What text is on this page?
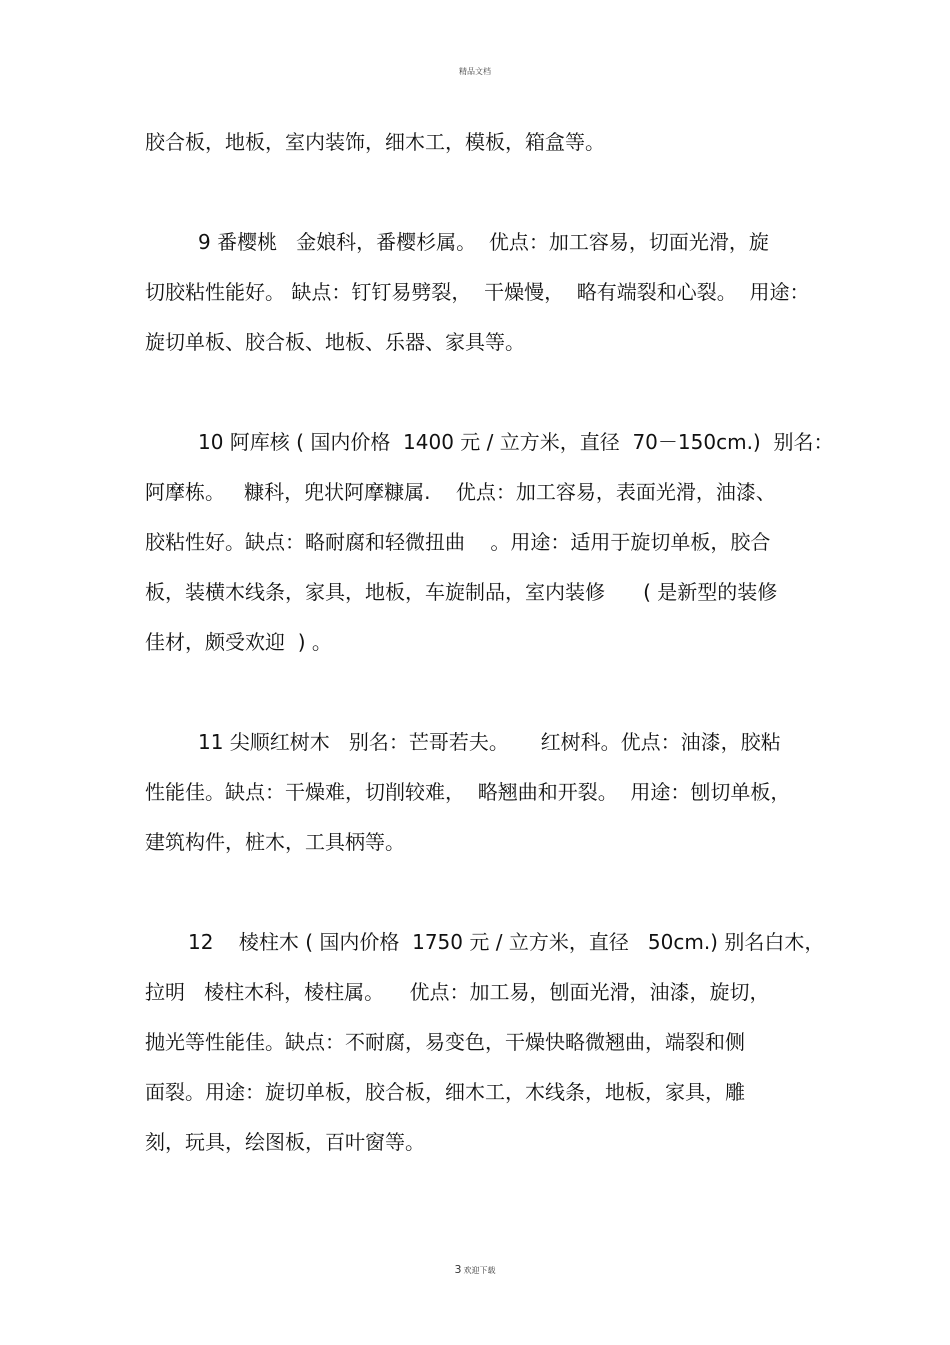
精品文档
胶合板，地板，室内装饰，细木工，模板，箱盒等。
9 番樱桃   金娘科，番樱杉属。  优点：加工容易，切面光滑，旋
切胶粘性能好。 缺点：钉钉易劈裂，  干燥慢，  略有端裂和心裂。  用途：
旋切单板、胶合板、地板、乐器、家具等。
10 阿库核 ( 国内价格  1400 元 / 立方米，直径  70－150cm.)  别名：
阿摩栋。   糠科，兜状阿摩糠属.    优点：加工容易，表面光滑，油漆、
胶粘性好。缺点：略耐腐和轻微扭曲    。用途：适用于旋切单板，胶合
板，装横木线条，家具，地板，车旋制品，室内装修      ( 是新型的装修
佳材，颇受欢迎  ) 。
11 尖顺红树木   别名：芒哥若夫。     红树科。优点：油漆，胶粘
性能佳。缺点：干燥难，切削较难，  略翘曲和开裂。  用途：刨切单板，
建筑构件，桩木，工具柄等。
12    棱柱木 ( 国内价格  1750 元 / 立方米，直径   50cm.) 别名白木，
拉明   棱柱木科，棱柱属。    优点：加工易，刨面光滑，油漆，旋切，
抛光等性能佳。缺点：不耐腐，易变色，干燥快略微翘曲，端裂和侧
面裂。用途：旋切单板，胶合板，细木工，木线条，地板，家具，雕
刻，玩具，绘图板，百叶窗等。
3 欢迎下载
